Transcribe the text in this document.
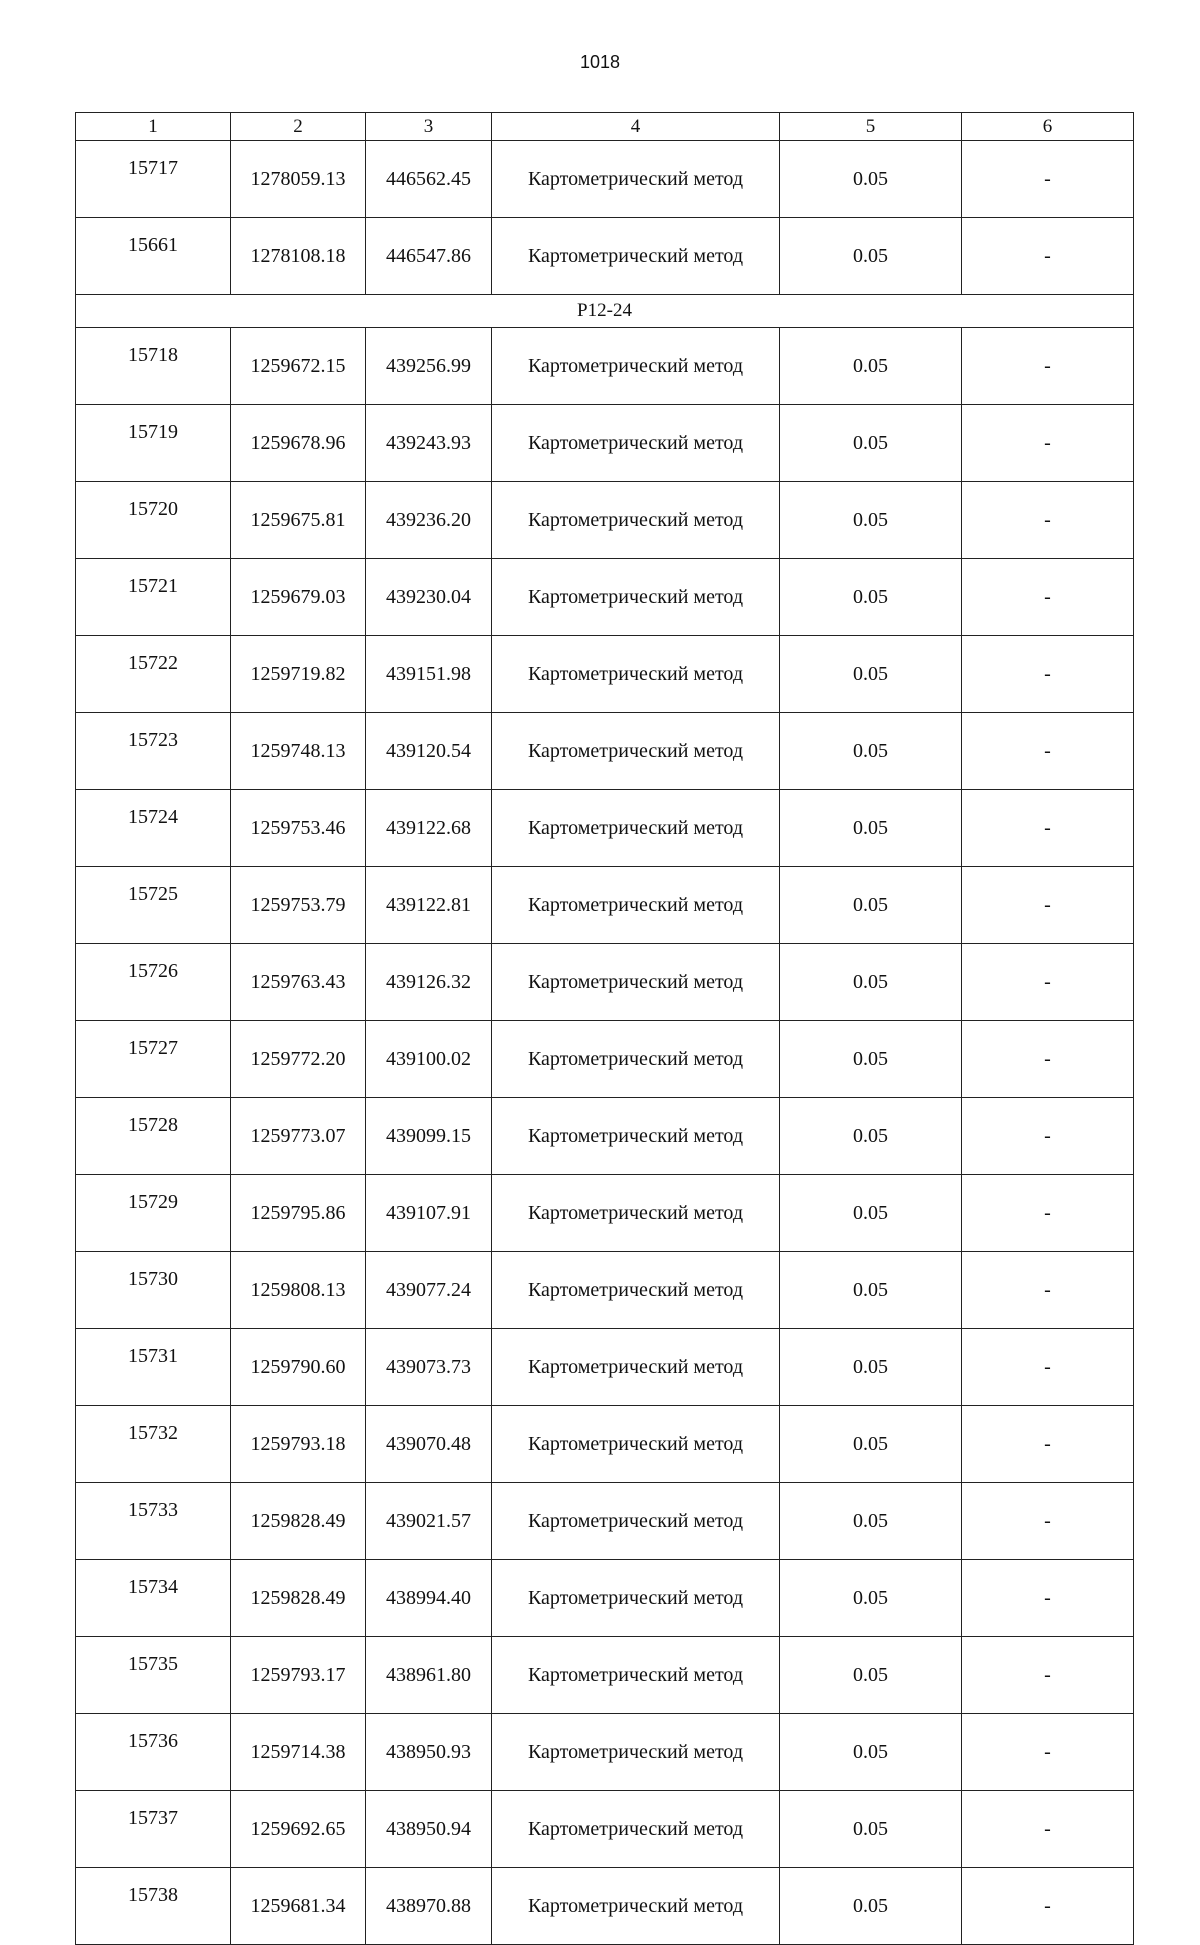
1018
1	2	3	4	5	6
15717	1278059.13	446562.45	Картометрический метод	0.05	-
15661	1278108.18	446547.86	Картометрический метод	0.05	-
Р12-24					
15718	1259672.15	439256.99	Картометрический метод	0.05	-
15719	1259678.96	439243.93	Картометрический метод	0.05	-
15720	1259675.81	439236.20	Картометрический метод	0.05	-
15721	1259679.03	439230.04	Картометрический метод	0.05	-
15722	1259719.82	439151.98	Картометрический метод	0.05	-
15723	1259748.13	439120.54	Картометрический метод	0.05	-
15724	1259753.46	439122.68	Картометрический метод	0.05	-
15725	1259753.79	439122.81	Картометрический метод	0.05	-
15726	1259763.43	439126.32	Картометрический метод	0.05	-
15727	1259772.20	439100.02	Картометрический метод	0.05	-
15728	1259773.07	439099.15	Картометрический метод	0.05	-
15729	1259795.86	439107.91	Картометрический метод	0.05	-
15730	1259808.13	439077.24	Картометрический метод	0.05	-
15731	1259790.60	439073.73	Картометрический метод	0.05	-
15732	1259793.18	439070.48	Картометрический метод	0.05	-
15733	1259828.49	439021.57	Картометрический метод	0.05	-
15734	1259828.49	438994.40	Картометрический метод	0.05	-
15735	1259793.17	438961.80	Картометрический метод	0.05	-
15736	1259714.38	438950.93	Картометрический метод	0.05	-
15737	1259692.65	438950.94	Картометрический метод	0.05	-
15738	1259681.34	438970.88	Картометрический метод	0.05	-
